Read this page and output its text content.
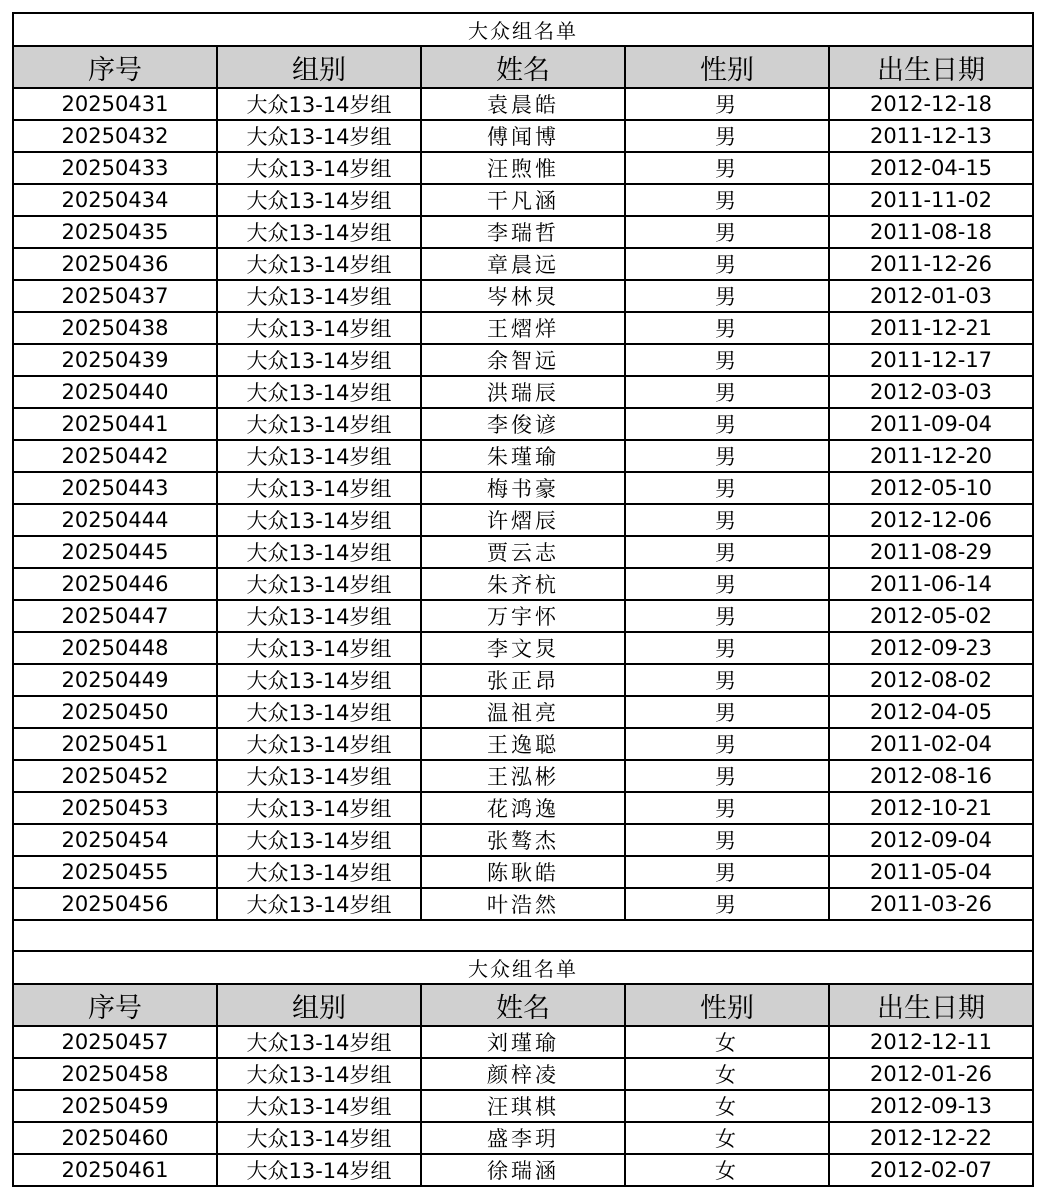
大众组名单				
序号	组别	姓名	性别	出生日期
20250431	大众13-14岁组	袁晨皓	男	2012-12-18
20250432	大众13-14岁组	傅闻博	男	2011-12-13
20250433	大众13-14岁组	汪煦惟	男	2012-04-15
20250434	大众13-14岁组	干凡涵	男	2011-11-02
20250435	大众13-14岁组	李瑞哲	男	2011-08-18
20250436	大众13-14岁组	章晨远	男	2011-12-26
20250437	大众13-14岁组	岑林炅	男	2012-01-03
20250438	大众13-14岁组	王熠烊	男	2011-12-21
20250439	大众13-14岁组	余智远	男	2011-12-17
20250440	大众13-14岁组	洪瑞辰	男	2012-03-03
20250441	大众13-14岁组	李俊谚	男	2011-09-04
20250442	大众13-14岁组	朱瑾瑜	男	2011-12-20
20250443	大众13-14岁组	梅书豪	男	2012-05-10
20250444	大众13-14岁组	许熠辰	男	2012-12-06
20250445	大众13-14岁组	贾云志	男	2011-08-29
20250446	大众13-14岁组	朱齐杭	男	2011-06-14
20250447	大众13-14岁组	万宇怀	男	2012-05-02
20250448	大众13-14岁组	李文炅	男	2012-09-23
20250449	大众13-14岁组	张正昂	男	2012-08-02
20250450	大众13-14岁组	温祖亮	男	2012-04-05
20250451	大众13-14岁组	王逸聪	男	2011-02-04
20250452	大众13-14岁组	王泓彬	男	2012-08-16
20250453	大众13-14岁组	花鸿逸	男	2012-10-21
20250454	大众13-14岁组	张骜杰	男	2012-09-04
20250455	大众13-14岁组	陈耿皓	男	2011-05-04
20250456	大众13-14岁组	叶浩然	男	2011-03-26

大众组名单				
序号	组别	姓名	性别	出生日期
20250457	大众13-14岁组	刘瑾瑜	女	2012-12-11
20250458	大众13-14岁组	颜梓凌	女	2012-01-26
20250459	大众13-14岁组	汪琪棋	女	2012-09-13
20250460	大众13-14岁组	盛李玥	女	2012-12-22
20250461	大众13-14岁组	徐瑞涵	女	2012-02-07
